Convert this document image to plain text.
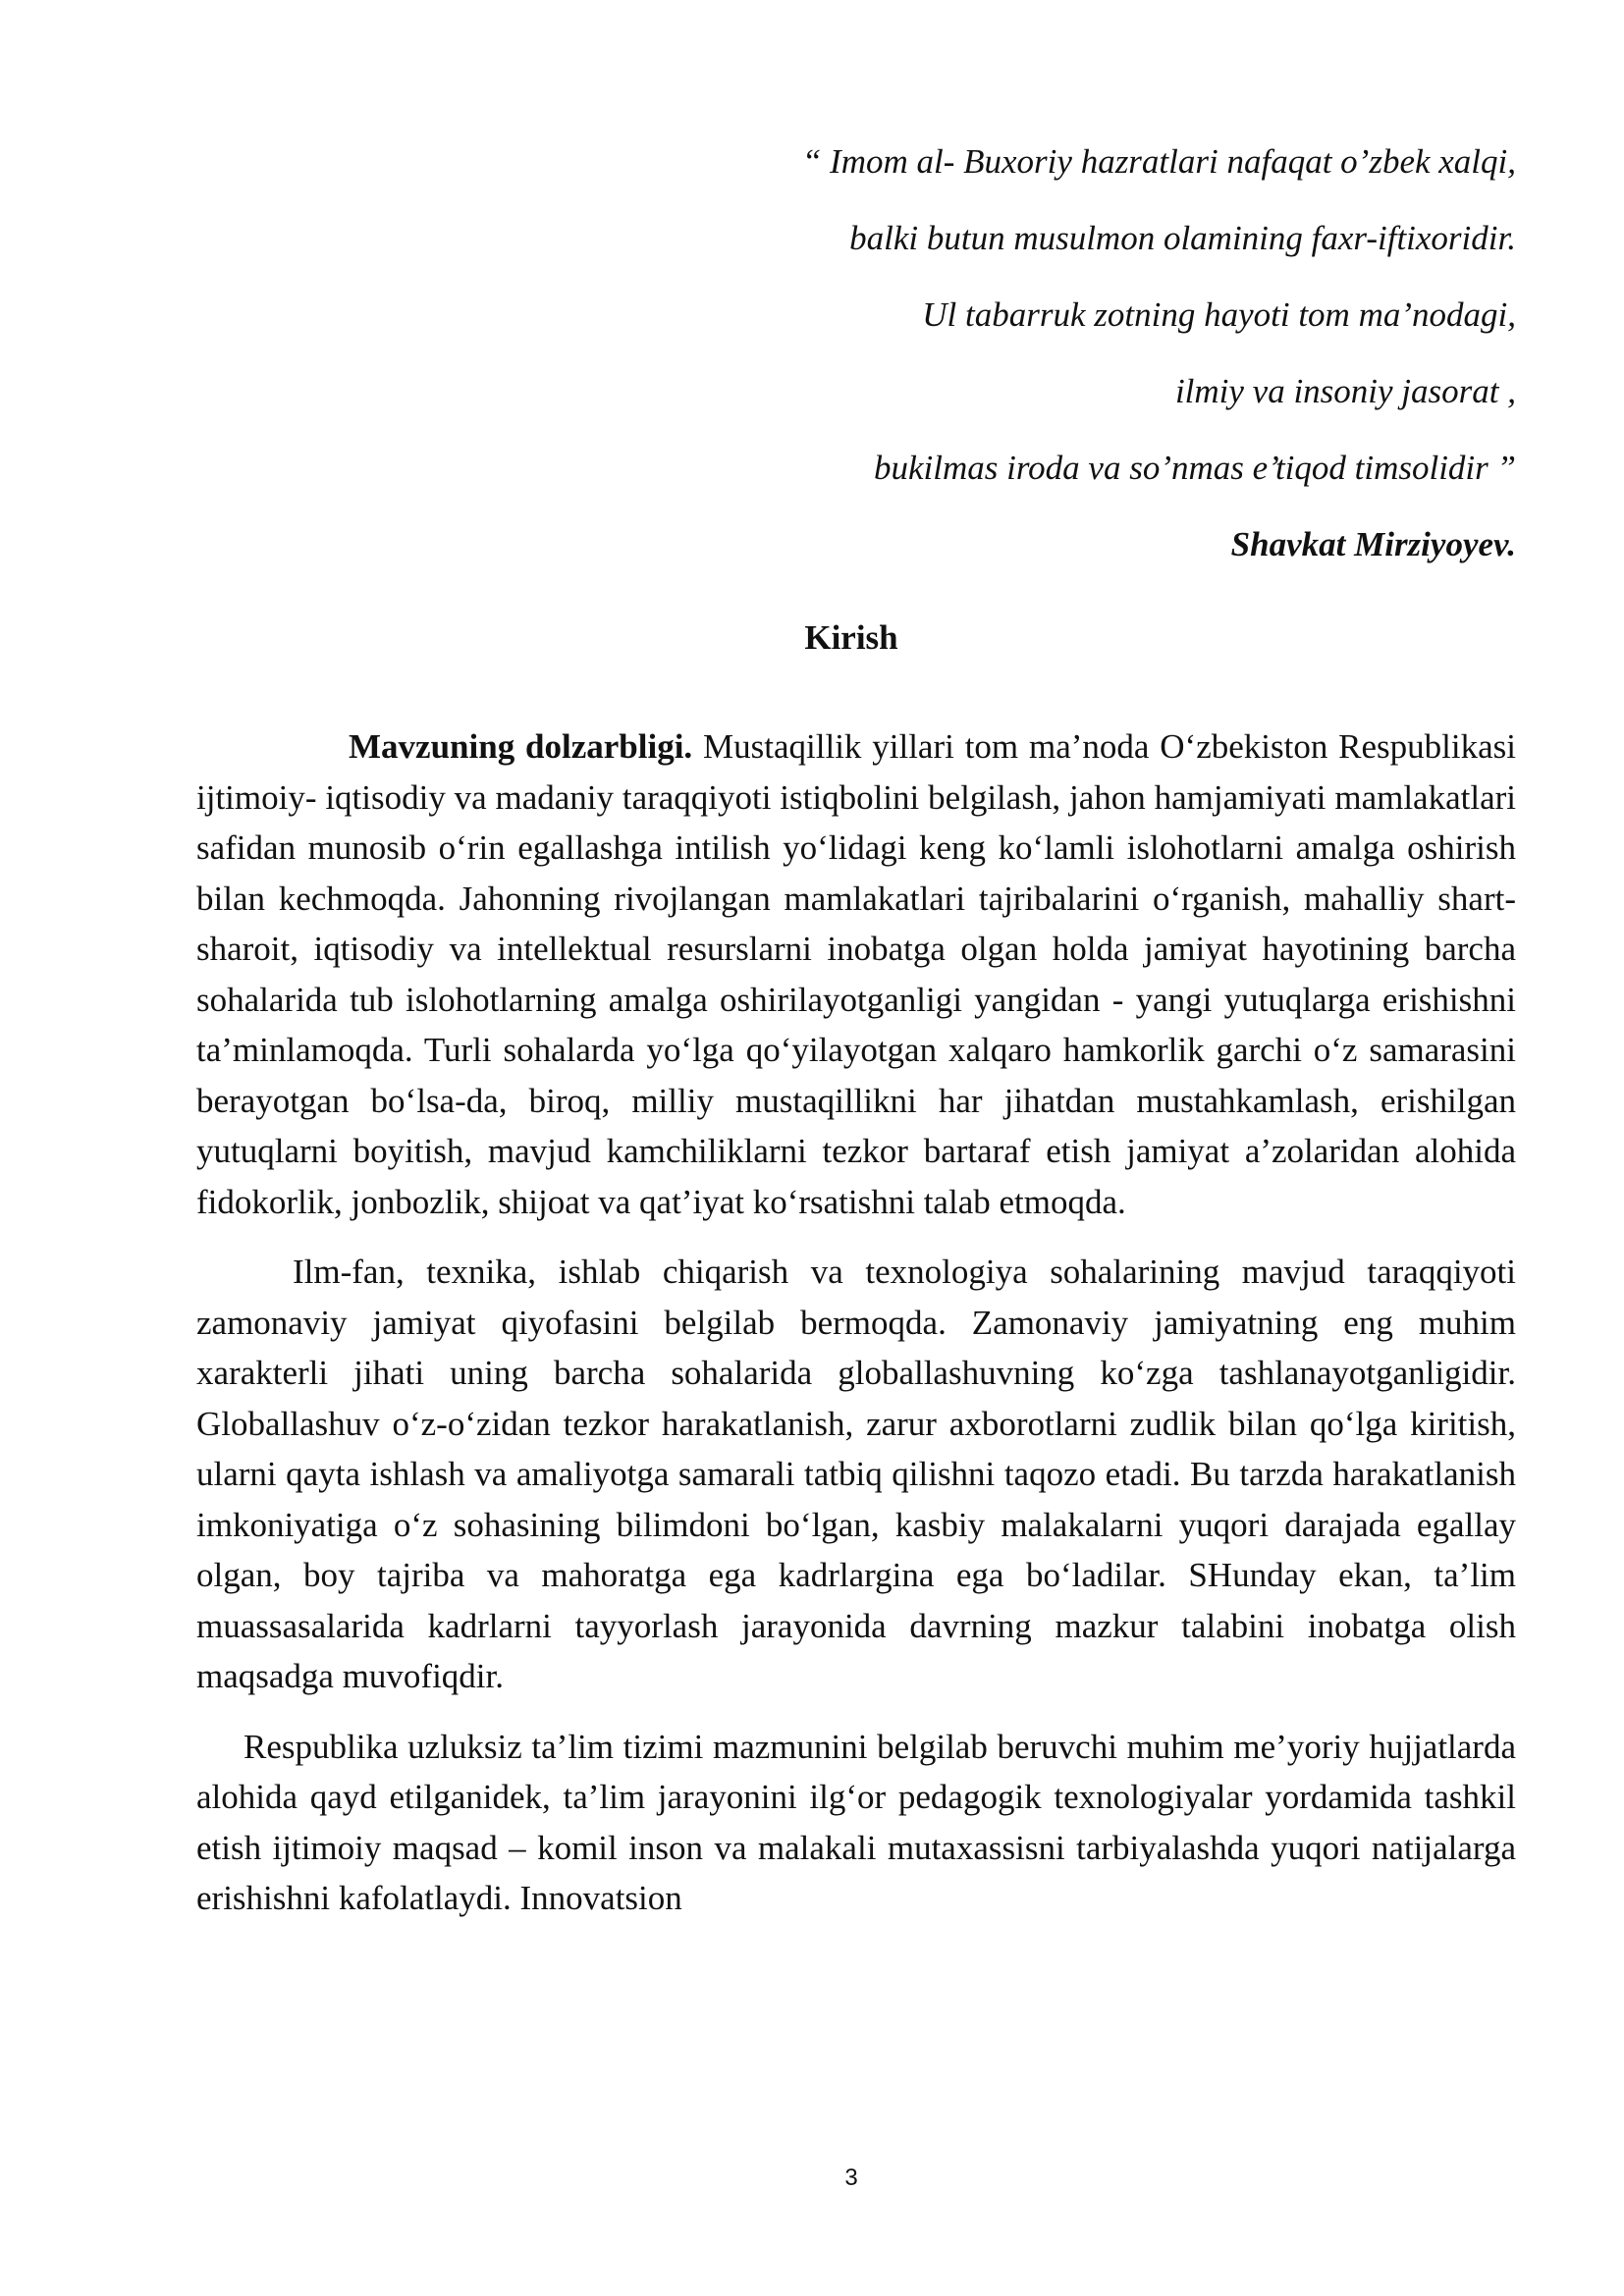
“ Imom al- Buxoriy hazratlari nafaqat o’zbek xalqi,

balki butun musulmon olamining faxr-iftixoridir.

Ul tabarruk zotning hayoti tom ma’nodagi,

ilmiy va insoniy jasorat ,

bukilmas iroda va so’nmas e’tiqod timsolidir ”

Shavkat Mirziyoyev.

Kirish

Mavzuning dolzarbligi. Mustaqillik yillari tom ma’noda O‘zbekiston Respublikasi ijtimoiy- iqtisodiy va madaniy taraqqiyoti istiqbolini belgilash, jahon hamjamiyati mamlakatlari safidan munosib o‘rin egallashga intilish yo‘lidagi keng ko‘lamli islohotlarni amalga oshirish bilan kechmoqda. Jahonning rivojlangan mamlakatlari tajribalarini o‘rganish, mahalliy shart-sharoit, iqtisodiy va intellektual resurslarni inobatga olgan holda jamiyat hayotining barcha sohalarida tub islohotlarning amalga oshirilayotganligi yangidan - yangi yutuqlarga erishishni ta’minlamoqda. Turli sohalarda yo‘lga qo‘yilayotgan xalqaro hamkorlik garchi o‘z samarasini berayotgan bo‘lsa-da, biroq, milliy mustaqillikni har jihatdan mustahkamlash, erishilgan yutuqlarni boyitish, mavjud kamchiliklarni tezkor bartaraf etish jamiyat a’zolaridan alohida fidokorlik, jonbozlik, shijoat va qat’iyat ko‘rsatishni talab etmoqda.

Ilm-fan, texnika, ishlab chiqarish va texnologiya sohalarining mavjud taraqqiyoti zamonaviy jamiyat qiyofasini belgilab bermoqda. Zamonaviy jamiyatning eng muhim xarakterli jihati uning barcha sohalarida globallashuvning ko‘zga tashlanayotganligidir. Globallashuv o‘z-o‘zidan tezkor harakatlanish, zarur axborotlarni zudlik bilan qo‘lga kiritish, ularni qayta ishlash va amaliyotga samarali tatbiq qilishni taqozo etadi. Bu tarzda harakatlanish imkoniyatiga o‘z sohasining bilimdoni bo‘lgan, kasbiy malakalarni yuqori darajada egallay olgan, boy tajriba va mahoratga ega kadrlargina ega bo‘ladilar. SHunday ekan, ta’lim muassasalarida kadrlarni tayyorlash jarayonida davrning mazkur talabini inobatga olish maqsadga muvofiqdir.

Respublika uzluksiz ta’lim tizimi mazmunini belgilab beruvchi muhim me’yoriy hujjatlarda alohida qayd etilganidek, ta’lim jarayonini ilg‘or pedagogik texnologiyalar yordamida tashkil etish ijtimoiy maqsad – komil inson va malakali mutaxassisni tarbiyalashda yuqori natijalarga erishishni kafolatlaydi. Innovatsion

3
